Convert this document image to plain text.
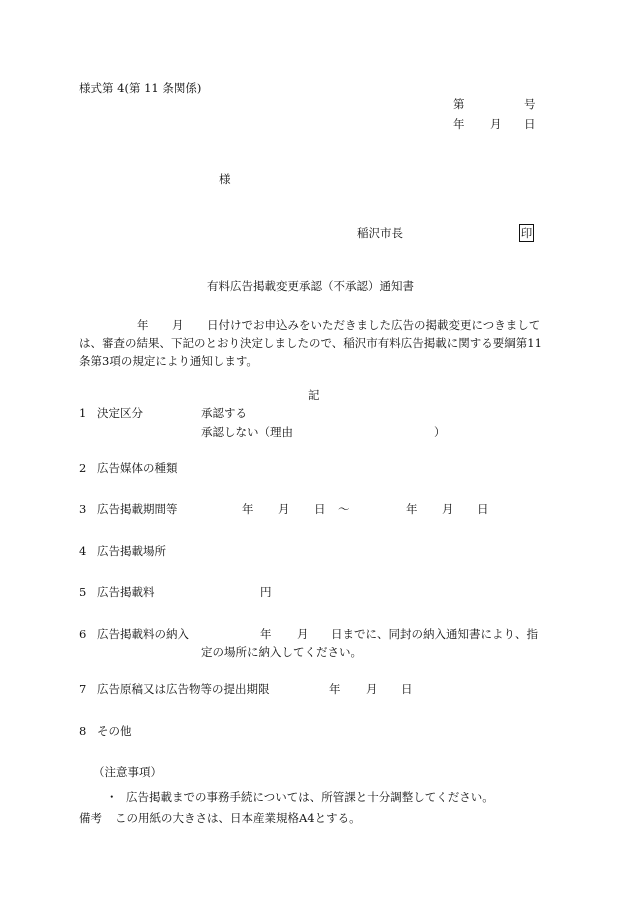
様式第 4(第 11 条関係)
第	号
年 月 日
様
稲沢市長	印
有料広告掲載変更承認（不承認）通知書
年 月 日付けでお申込みをいただきました広告の掲載変更につきまして
は、審査の結果、下記のとおり決定しましたので、稲沢市有料広告掲載に関する要綱第11
条第3項の規定により通知します。
記
1 決定区分	承認する
承認しない（理由	）
2 広告媒体の種類
3 広告掲載期間等	年 月 日 ～	年 月 日
4 広告掲載場所
5 広告掲載料	円
6 広告掲載料の納入	年 月 日までに、同封の納入通知書により、指
定の場所に納入してください。
7 広告原稿又は広告物等の提出期限	年 月 日
8 その他
（注意事項）
・ 広告掲載までの事務手続については、所管課と十分調整してください。
備考 この用紙の大きさは、日本産業規格A4とする。
